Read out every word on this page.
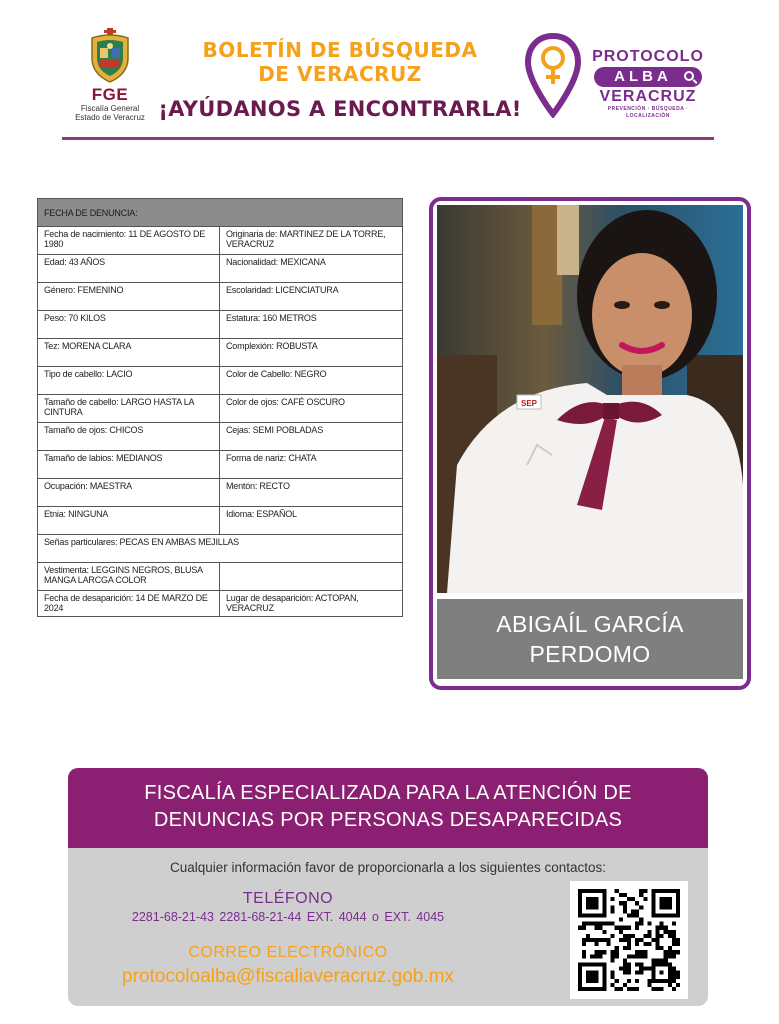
FGE
Fiscalía General
Estado de Veracruz
BOLETÍN DE BÚSQUEDA
DE VERACRUZ
¡AYÚDANOS A ENCONTRARLA!
PROTOCOLO
ALBA
VERACRUZ
PREVENCIÓN · BÚSQUEDA · LOCALIZACIÓN
FECHA DE DENUNCIA:	
Fecha de nacimiento: 11 DE AGOSTO DE 1980	Originaria de: MARTINEZ DE LA TORRE, VERACRUZ
Edad: 43 AÑOS	Nacionalidad: MEXICANA
Género: FEMENINO	Escolaridad: LICENCIATURA
Peso: 70 KILOS	Estatura: 160 METROS
Tez: MORENA CLARA	Complexión: ROBUSTA
Tipo de cabello: LACIO	Color de Cabello: NEGRO
Tamaño de cabello: LARGO HASTA LA CINTURA	Color de ojos: CAFÉ OSCURO
Tamaño de ojos: CHICOS	Cejas: SEMI POBLADAS
Tamaño de labios: MEDIANOS	Forma de nariz: CHATA
Ocupación: MAESTRA	Mentón: RECTO
Etnia: NINGUNA	Idioma: ESPAÑOL
Señas particulares: PECAS EN AMBAS MEJILLAS	
Vestimenta: LEGGINS NEGROS, BLUSA MANGA LARCGA COLOR	
Fecha de desaparición: 14 DE MARZO DE 2024	Lugar de desaparición: ACTOPAN, VERACRUZ
SEP
ABIGAÍL GARCÍA
PERDOMO
FISCALÍA ESPECIALIZADA PARA LA ATENCIÓN DE
DENUNCIAS POR PERSONAS DESAPARECIDAS
Cualquier información favor de proporcionarla a los siguientes contactos:
TELÉFONO
2281-68-21-43 2281-68-21-44 EXT. 4044 o EXT. 4045
CORREO ELECTRÓNICO
protocoloalba@fiscaliaveracruz.gob.mx
